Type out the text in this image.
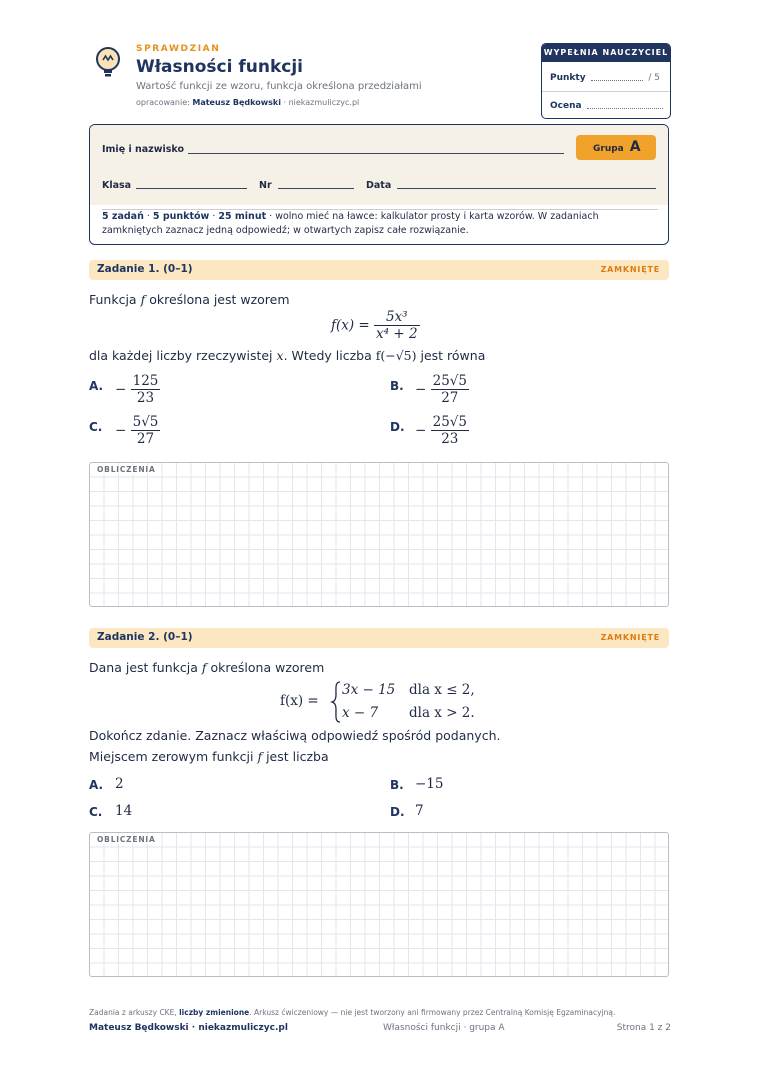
SPRAWDZIAN
Własności funkcji
Wartość funkcji ze wzoru, funkcja określona przedziałami
opracowanie: Mateusz Będkowski · niekazmuliczyc.pl
WYPEŁNIA NAUCZYCIEL
Punkty	/ 5
Ocena
Imię i nazwisko	Grupa A
Klasa	Nr	Data
5 zadań · 5 punktów · 25 minut · wolno mieć na ławce: kalkulator prosty i karta wzorów. W zadaniach zamkniętych zaznacz jedną odpowiedź; w otwartych zapisz całe rozwiązanie.
Zadanie 1. (0–1)	ZAMKNIĘTE
Funkcja f określona jest wzorem
$f(x) = \frac{\text{5x³}}{\text{x⁴ + 2}}$
dla każdej liczby rzeczywistej x. Wtedy liczba f(−√5) jest równa
A. − $\frac{125}{23}$	B. − $\frac{25√5}{27}$
C. − $\frac{5√5}{27}$	D. − $\frac{25√5}{23}$
OBLICZENIA
Zadanie 2. (0–1)	ZAMKNIĘTE
Dana jest funkcja f określona wzorem
f(x) =
3x − 15 dla x ≤ 2,
x − 7 dla x > 2.
Dokończ zdanie. Zaznacz właściwą odpowiedź spośród podanych.
Miejscem zerowym funkcji f jest liczba
A. 2	B. −15
C. 14	D. 7
OBLICZENIA
Zadania z arkuszy CKE, liczby zmienione. Arkusz ćwiczeniowy — nie jest tworzony ani firmowany przez Centralną Komisję Egzaminacyjną.
Mateusz Będkowski · niekazmuliczyc.pl	Własności funkcji · grupa A	Strona 1 z 2
